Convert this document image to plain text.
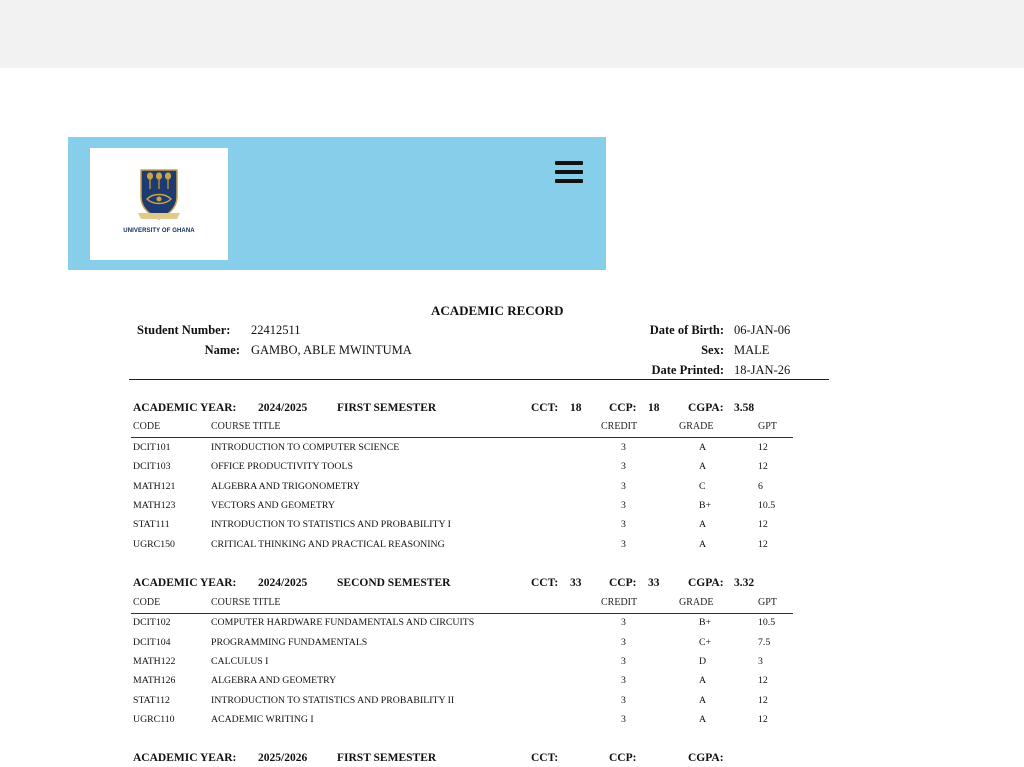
UNIVERSITY OF GHANA
ACADEMIC RECORD
Student Number: 22412511
Name: GAMBO, ABLE MWINTUMA
Date of Birth: 06-JAN-06
Sex: MALE
Date Printed: 18-JAN-26
ACADEMIC YEAR: 2024/2025	FIRST SEMESTER	CCT: 18 CCP: 18 CGPA: 3.58
CODE	COURSE TITLE	CREDIT	GRADE	GPT
DCIT101	INTRODUCTION TO COMPUTER SCIENCE	3	A	12
DCIT103	OFFICE PRODUCTIVITY TOOLS	3	A	12
MATH121	ALGEBRA AND TRIGONOMETRY	3	C	6
MATH123	VECTORS AND GEOMETRY	3	B+	10.5
STAT111	INTRODUCTION TO STATISTICS AND PROBABILITY I	3	A	12
UGRC150	CRITICAL THINKING AND PRACTICAL REASONING	3	A	12
ACADEMIC YEAR: 2024/2025	SECOND SEMESTER	CCT: 33 CCP: 33 CGPA: 3.32
CODE	COURSE TITLE	CREDIT	GRADE	GPT
DCIT102	COMPUTER HARDWARE FUNDAMENTALS AND CIRCUITS	3	B+	10.5
DCIT104	PROGRAMMING FUNDAMENTALS	3	C+	7.5
MATH122	CALCULUS I	3	D	3
MATH126	ALGEBRA AND GEOMETRY	3	A	12
STAT112	INTRODUCTION TO STATISTICS AND PROBABILITY II	3	A	12
UGRC110	ACADEMIC WRITING I	3	A	12
ACADEMIC YEAR: 2025/2026	FIRST SEMESTER	CCT:	CCP:	CGPA:
